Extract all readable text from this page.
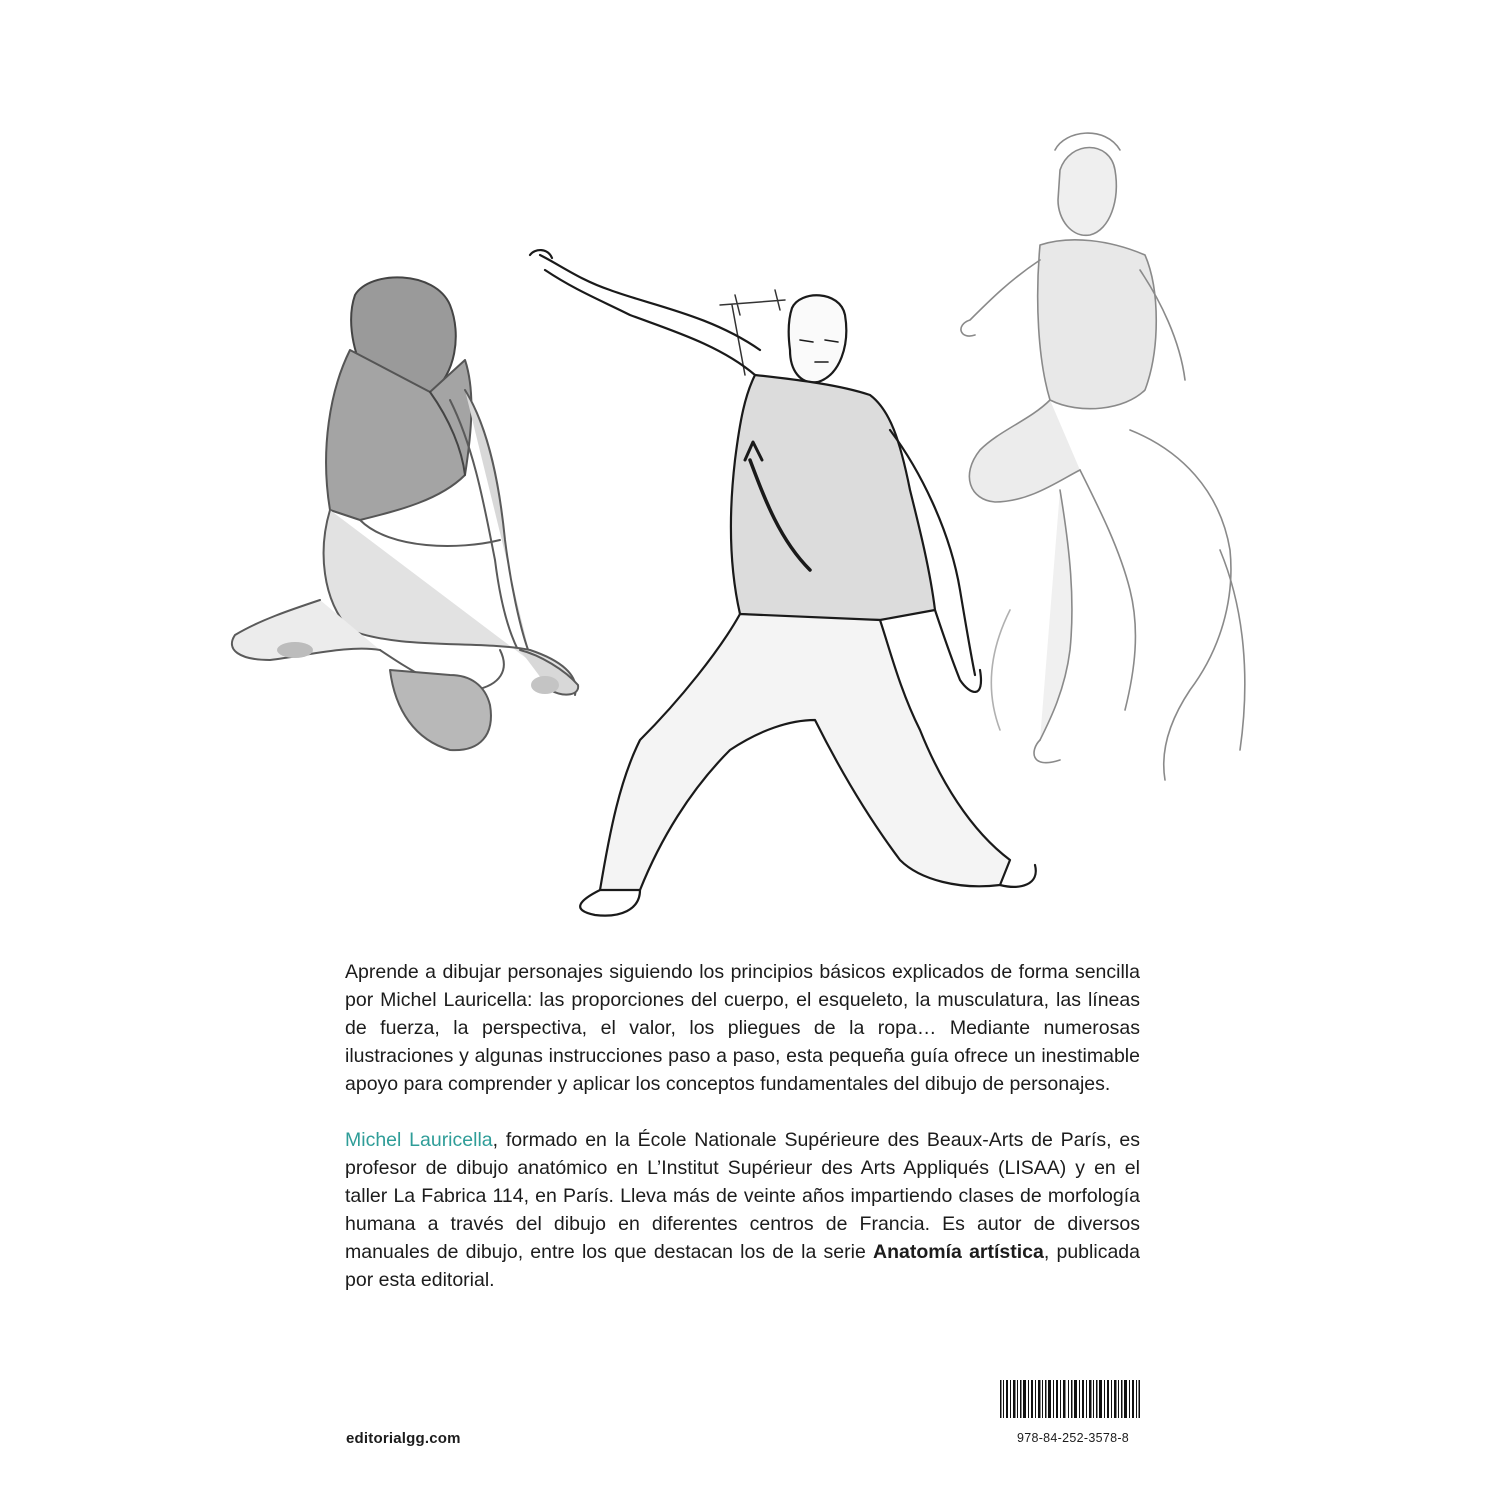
Aprende a dibujar personajes siguiendo los principios básicos explicados de forma sencilla por Michel Lauricella: las proporciones del cuerpo, el esqueleto, la musculatura, las líneas de fuerza, la perspectiva, el valor, los pliegues de la ropa… Mediante numerosas ilustraciones y algunas instrucciones paso a paso, esta pequeña guía ofrece un inestimable apoyo para comprender y aplicar los conceptos fundamentales del dibujo de personajes.

Michel Lauricella, formado en la École Nationale Supérieure des Beaux-Arts de París, es profesor de dibujo anatómico en L’Institut Supérieur des Arts Appliqués (LISAA) y en el taller La Fabrica 114, en París. Lleva más de veinte años impartiendo clases de morfología humana a través del dibujo en diferentes centros de Francia. Es autor de diversos manuales de dibujo, entre los que destacan los de la serie Anatomía artística, publicada por esta editorial.

editorialgg.com	978-84-252-3578-8
